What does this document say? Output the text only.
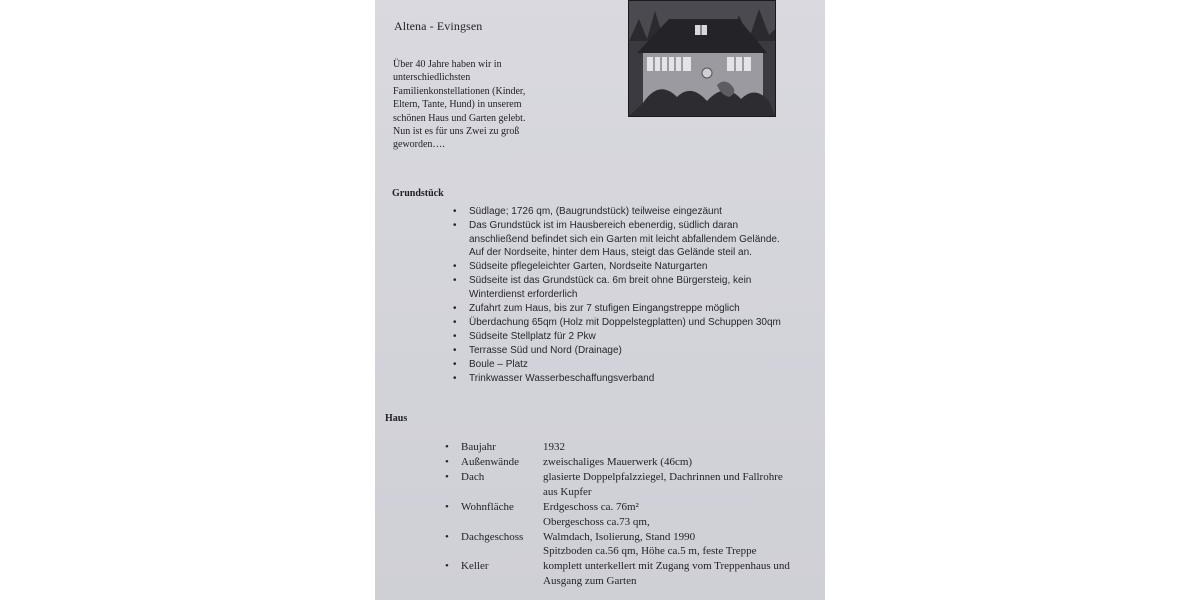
Altena - Evingsen
Über 40 Jahre haben wir in unterschiedlichsten Familienkonstellationen (Kinder, Eltern, Tante, Hund) in unserem schönen Haus und Garten gelebt. Nun ist es für uns Zwei zu groß geworden….
Grundstück
• Südlage; 1726 qm, (Baugrundstück) teilweise eingezäunt
• Das Grundstück ist im Hausbereich ebenerdig, südlich daran anschließend befindet sich ein Garten mit leicht abfallendem Gelände. Auf der Nordseite, hinter dem Haus, steigt das Gelände steil an.
• Südseite pflegeleichter Garten, Nordseite Naturgarten
• Südseite ist das Grundstück ca. 6m breit ohne Bürgersteig, kein Winterdienst erforderlich
• Zufahrt zum Haus, bis zur 7 stufigen Eingangstreppe möglich
• Überdachung 65qm (Holz mit Doppelstegplatten) und Schuppen 30qm
• Südseite Stellplatz für 2 Pkw
• Terrasse Süd und Nord (Drainage)
• Boule – Platz
• Trinkwasser Wasserbeschaffungsverband
Haus
• Baujahr	1932
• Außenwände	zweischaliges Mauerwerk (46cm)
• Dach	glasierte Doppelpfalzziegel, Dachrinnen und Fallrohre
aus Kupfer
• Wohnfläche	Erdgeschoss ca. 76m²
Obergeschoss ca.73 qm,
• Dachgeschoss	Walmdach, Isolierung, Stand 1990
Spitzboden ca.56 qm, Höhe ca.5 m, feste Treppe
• Keller	komplett unterkellert mit Zugang vom Treppenhaus und
Ausgang zum Garten
